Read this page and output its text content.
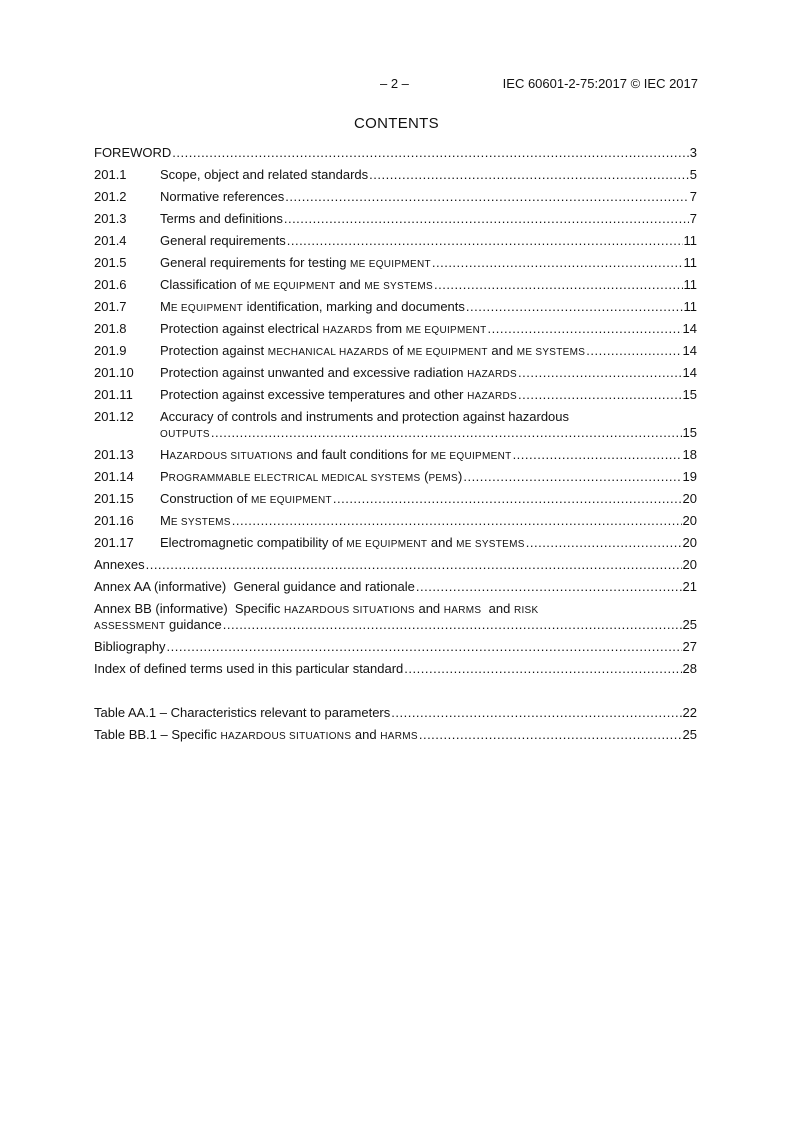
– 2 –	IEC 60601-2-75:2017 © IEC 2017
CONTENTS
FOREWORD .....	3
201.1	Scope, object and related standards .....	5
201.2	Normative references .....	7
201.3	Terms and definitions .....	7
201.4	General requirements .....	11
201.5	General requirements for testing ME EQUIPMENT .....	11
201.6	Classification of ME EQUIPMENT and ME SYSTEMS .....	11
201.7	ME EQUIPMENT identification, marking and documents .....	11
201.8	Protection against electrical HAZARDS from ME EQUIPMENT .....	14
201.9	Protection against MECHANICAL HAZARDS of ME EQUIPMENT and ME SYSTEMS .....	14
201.10	Protection against unwanted and excessive radiation HAZARDS .....	14
201.11	Protection against excessive temperatures and other HAZARDS .....	15
201.12	Accuracy of controls and instruments and protection against hazardous
OUTPUTS .....	15
201.13	HAZARDOUS SITUATIONS and fault conditions for ME EQUIPMENT .....	18
201.14	PROGRAMMABLE ELECTRICAL MEDICAL SYSTEMS (PEMS) .....	19
201.15	Construction of ME EQUIPMENT .....	20
201.16	ME SYSTEMS .....	20
201.17	Electromagnetic compatibility of ME EQUIPMENT and ME SYSTEMS .....	20
Annexes .....	20
Annex AA (informative)  General guidance and rationale .....	21
Annex BB (informative)  Specific HAZARDOUS SITUATIONS and HARMS  and RISK
ASSESSMENT guidance .....	25
Bibliography .....	27
Index of defined terms used in this particular standard .....	28
Table AA.1 – Characteristics relevant to parameters .....	22
Table BB.1 – Specific HAZARDOUS SITUATIONS and HARMS .....	25
